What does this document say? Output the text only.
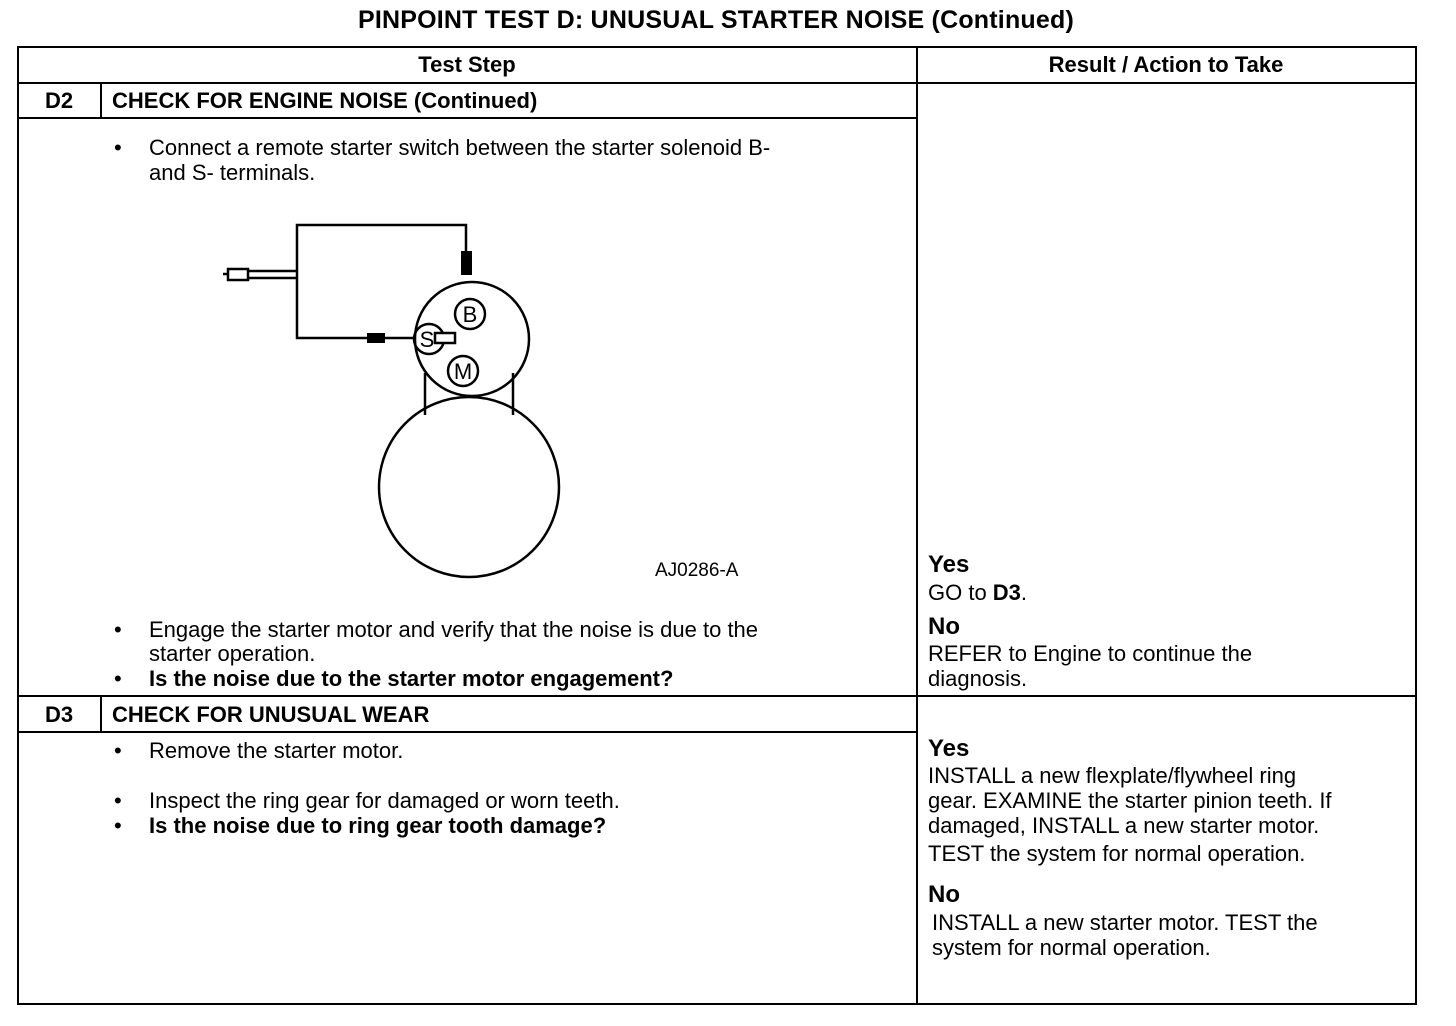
PINPOINT TEST D: UNUSUAL STARTER NOISE (Continued)
Test Step	Result / Action to Take
D2	CHECK FOR ENGINE NOISE (Continued)
• Connect a remote starter switch between the starter solenoid B-
and S- terminals.
B
S
M
AJ0286-A
• Engage the starter motor and verify that the noise is due to the
starter operation.
• Is the noise due to the starter motor engagement?
Yes
GO to D3.
No
REFER to Engine to continue the
diagnosis.
D3	CHECK FOR UNUSUAL WEAR
• Remove the starter motor.
• Inspect the ring gear for damaged or worn teeth.
• Is the noise due to ring gear tooth damage?
Yes
INSTALL a new flexplate/flywheel ring
gear. EXAMINE the starter pinion teeth. If
damaged, INSTALL a new starter motor.
TEST the system for normal operation.
No
INSTALL a new starter motor. TEST the
system for normal operation.
